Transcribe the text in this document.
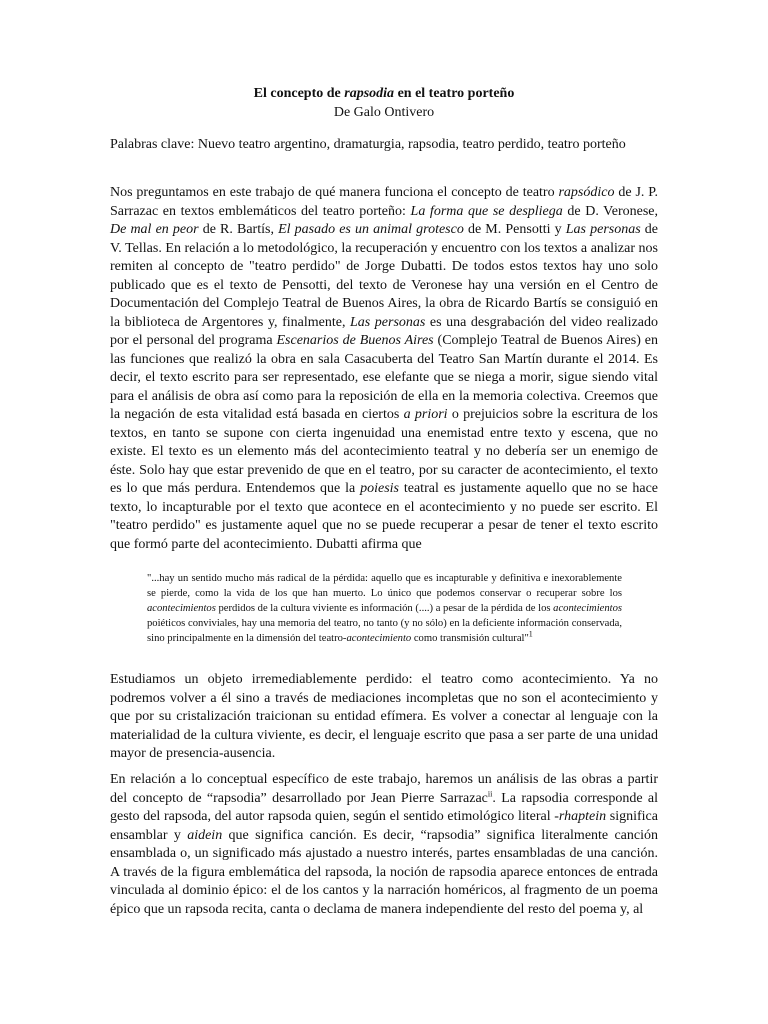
El concepto de rapsodia en el teatro porteño
De Galo Ontivero
Palabras clave: Nuevo teatro argentino, dramaturgia, rapsodia, teatro perdido, teatro porteño
Nos preguntamos en este trabajo de qué manera funciona el concepto de teatro rapsódico de J. P. Sarrazac en textos emblemáticos del teatro porteño: La forma que se despliega de D. Veronese, De mal en peor de R. Bartís, El pasado es un animal grotesco de M. Pensotti y Las personas de V. Tellas. En relación a lo metodológico, la recuperación y encuentro con los textos a analizar nos remiten al concepto de "teatro perdido" de Jorge Dubatti. De todos estos textos hay uno solo publicado que es el texto de Pensotti, del texto de Veronese hay una versión en el Centro de Documentación del Complejo Teatral de Buenos Aires, la obra de Ricardo Bartís se consiguió en la biblioteca de Argentores y, finalmente, Las personas es una desgrabación del video realizado por el personal del programa Escenarios de Buenos Aires (Complejo Teatral de Buenos Aires) en las funciones que realizó la obra en sala Casacuberta del Teatro San Martín durante el 2014. Es decir, el texto escrito para ser representado, ese elefante que se niega a morir, sigue siendo vital para el análisis de obra así como para la reposición de ella en la memoria colectiva. Creemos que la negación de esta vitalidad está basada en ciertos a priori o prejuicios sobre la escritura de los textos, en tanto se supone con cierta ingenuidad una enemistad entre texto y escena, que no existe. El texto es un elemento más del acontecimiento teatral y no debería ser un enemigo de éste. Solo hay que estar prevenido de que en el teatro, por su caracter de acontecimiento, el texto es lo que más perdura. Entendemos que la poiesis teatral es justamente aquello que no se hace texto, lo incapturable por el texto que acontece en el acontecimiento y no puede ser escrito. El "teatro perdido" es justamente aquel que no se puede recuperar a pesar de tener el texto escrito que formó parte del acontecimiento. Dubatti afirma que
"...hay un sentido mucho más radical de la pérdida: aquello que es incapturable y definitiva e inexorablemente se pierde, como la vida de los que han muerto. Lo único que podemos conservar o recuperar sobre los acontecimientos perdidos de la cultura viviente es información (....) a pesar de la pérdida de los acontecimientos poiéticos conviviales, hay una memoria del teatro, no tanto (y no sólo) en la deficiente información conservada, sino principalmente en la dimensión del teatro-acontecimiento como transmisión cultural"$^1$
Estudiamos un objeto irremediablemente perdido: el teatro como acontecimiento. Ya no podremos volver a él sino a través de mediaciones incompletas que no son el acontecimiento y que por su cristalización traicionan su entidad efímera. Es volver a conectar al lenguaje con la materialidad de la cultura viviente, es decir, el lenguaje escrito que pasa a ser parte de una unidad mayor de presencia-ausencia.
En relación a lo conceptual específico de este trabajo, haremos un análisis de las obras a partir del concepto de “rapsodia” desarrollado por Jean Pierre Sarrazac$^{ii}$. La rapsodia corresponde al gesto del rapsoda, del autor rapsoda quien, según el sentido etimológico literal -rhaptein significa ensamblar y aidein que significa canción. Es decir, “rapsodia” significa literalmente canción ensamblada o, un significado más ajustado a nuestro interés, partes ensambladas de una canción. A través de la figura emblemática del rapsoda, la noción de rapsodia aparece entonces de entrada vinculada al dominio épico: el de los cantos y la narración homéricos, al fragmento de un poema épico que un rapsoda recita, canta o declama de manera independiente del resto del poema y, al
